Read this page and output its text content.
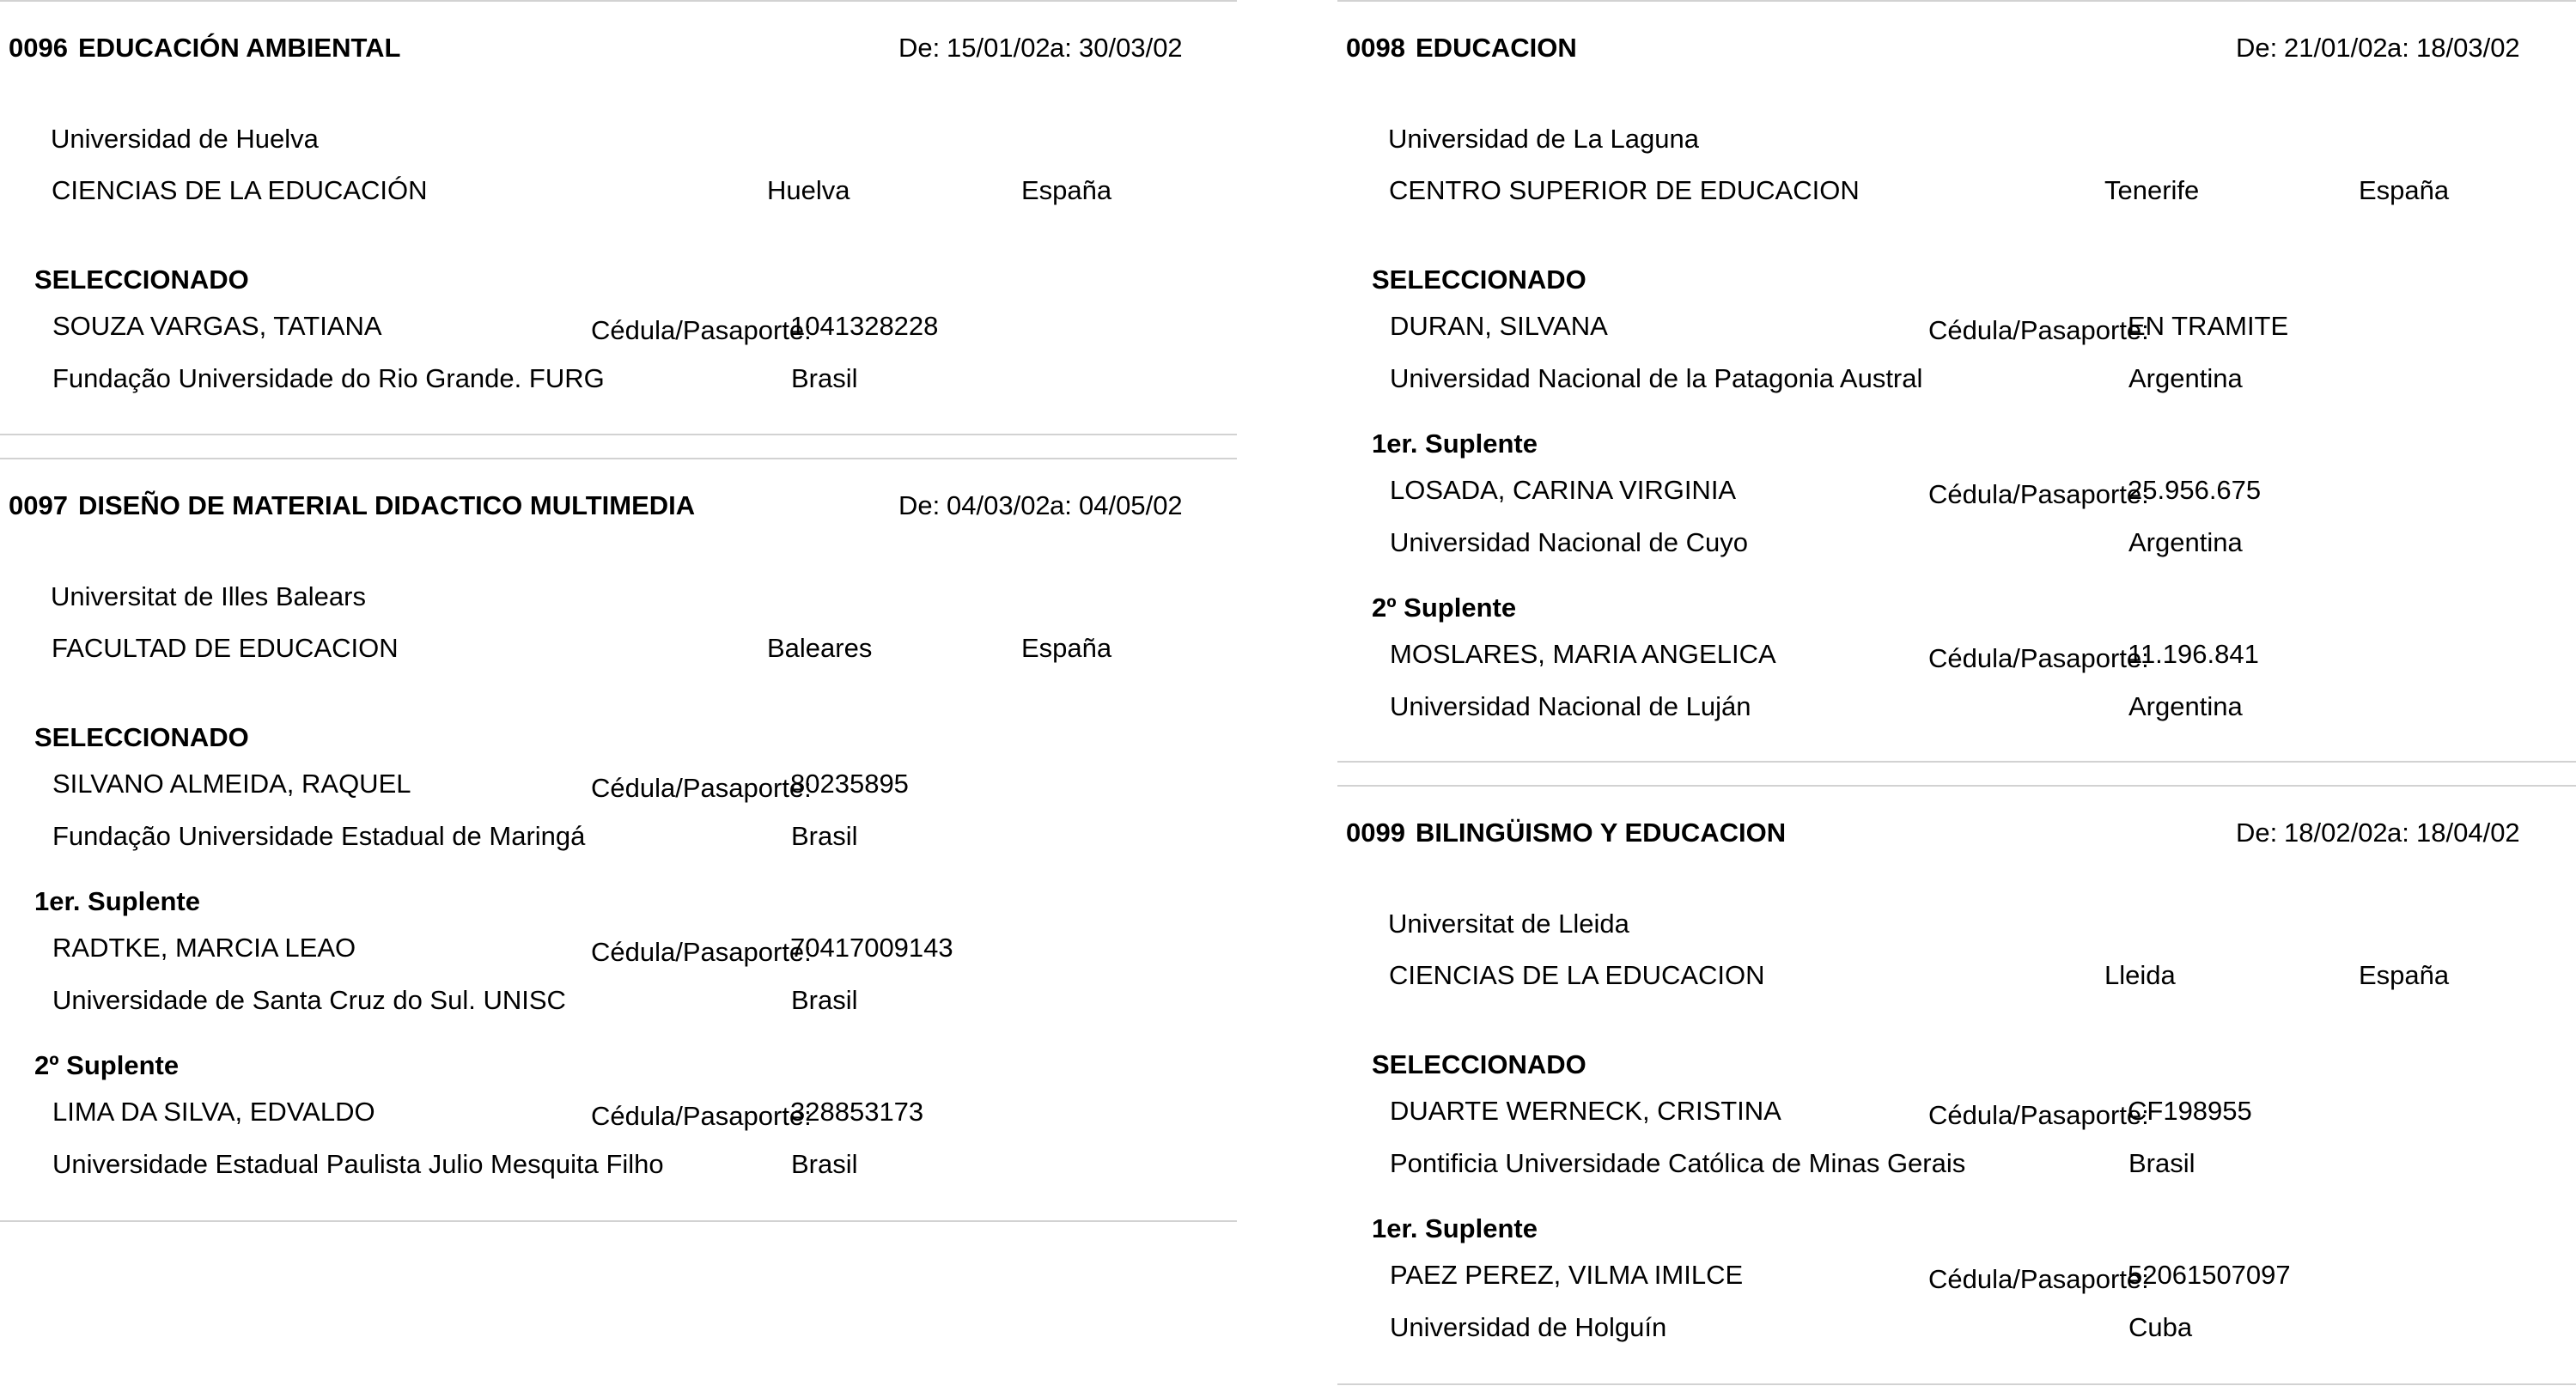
0096 EDUCACIÓN AMBIENTAL	De: 15/01/02 a: 30/03/02
Universidad de Huelva
CIENCIAS DE LA EDUCACIÓN	Huelva	España
SELECCIONADO
SOUZA VARGAS, TATIANA	Cédula/Pasaporte:
1041328228
Fundação Universidade do Rio Grande. FURG	Brasil
0097 DISEÑO DE MATERIAL DIDACTICO MULTIMEDIA	De: 04/03/02 a: 04/05/02
Universitat de Illes Balears
FACULTAD DE EDUCACION	Baleares	España
SELECCIONADO
SILVANO ALMEIDA, RAQUEL	Cédula/Pasaporte:
80235895
Fundação Universidade Estadual de Maringá	Brasil
1er. Suplente
RADTKE, MARCIA LEAO	Cédula/Pasaporte:
70417009143
Universidade de Santa Cruz do Sul. UNISC	Brasil
2º Suplente
LIMA DA SILVA, EDVALDO	Cédula/Pasaporte:
328853173
Universidade Estadual Paulista Julio Mesquita Filho	Brasil
0098 EDUCACION	De: 21/01/02 a: 18/03/02
Universidad de La Laguna
CENTRO SUPERIOR DE EDUCACION	Tenerife	España
SELECCIONADO
DURAN, SILVANA	Cédula/Pasaporte:
EN TRAMITE
Universidad Nacional de la Patagonia Austral	Argentina
1er. Suplente
LOSADA, CARINA VIRGINIA	Cédula/Pasaporte:
25.956.675
Universidad Nacional de Cuyo	Argentina
2º Suplente
MOSLARES, MARIA ANGELICA	Cédula/Pasaporte:
11.196.841
Universidad Nacional de Luján	Argentina
0099 BILINGÜISMO Y EDUCACION	De: 18/02/02 a: 18/04/02
Universitat de Lleida
CIENCIAS DE LA EDUCACION	Lleida	España
SELECCIONADO
DUARTE WERNECK, CRISTINA	Cédula/Pasaporte:
CF198955
Pontificia Universidade Católica de Minas Gerais	Brasil
1er. Suplente
PAEZ PEREZ, VILMA IMILCE	Cédula/Pasaporte:
52061507097
Universidad de Holguín	Cuba
